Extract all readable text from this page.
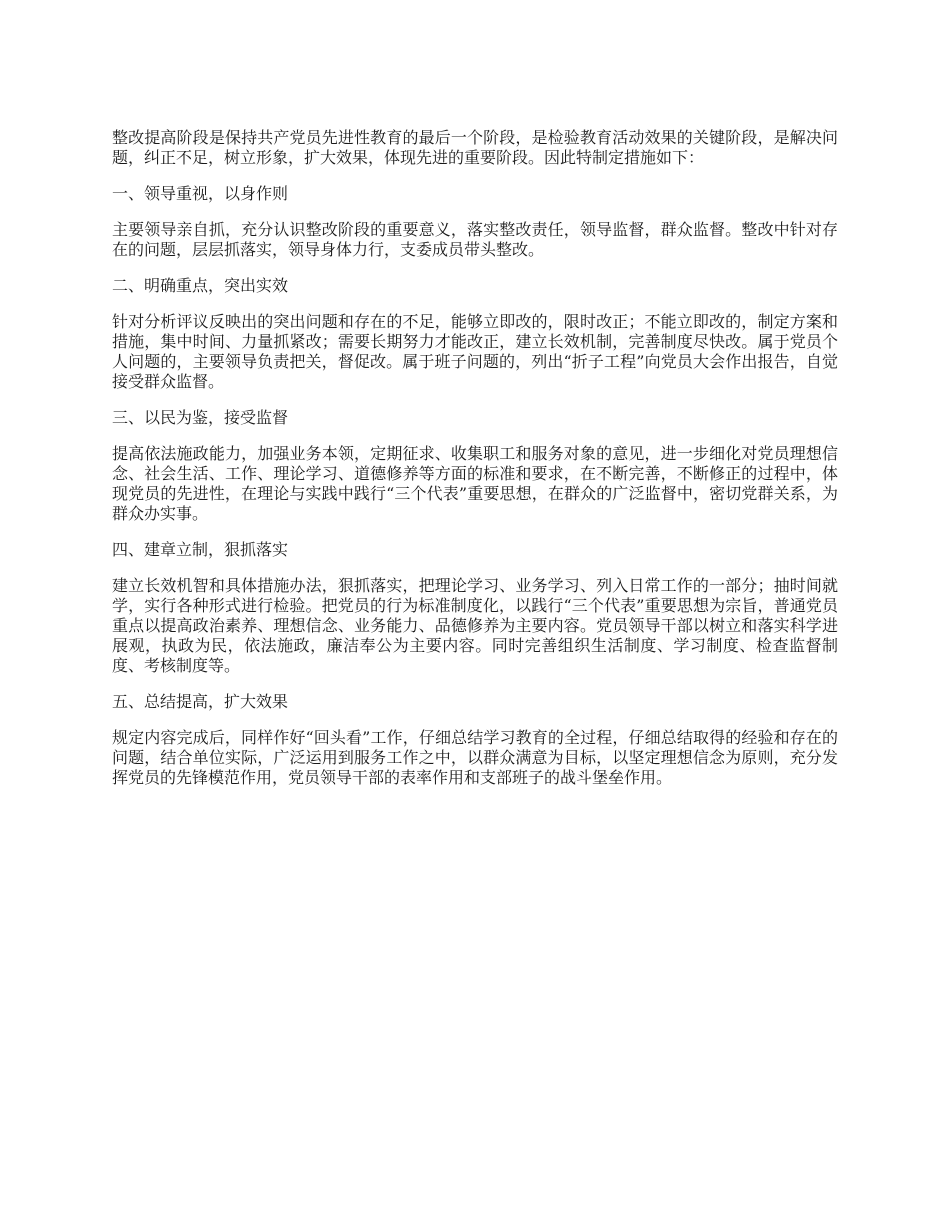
整改提高阶段是保持共产党员先进性教育的最后一个阶段，是检验教育活动效果的关键阶段，是解决问题，纠正不足，树立形象，扩大效果，体现先进的重要阶段。因此特制定措施如下：

一、领导重视，以身作则

主要领导亲自抓，充分认识整改阶段的重要意义，落实整改责任，领导监督，群众监督。整改中针对存在的问题，层层抓落实，领导身体力行，支委成员带头整改。

二、明确重点，突出实效

针对分析评议反映出的突出问题和存在的不足，能够立即改的，限时改正；不能立即改的，制定方案和措施，集中时间、力量抓紧改；需要长期努力才能改正，建立长效机制，完善制度尽快改。属于党员个人问题的，主要领导负责把关，督促改。属于班子问题的，列出“折子工程”向党员大会作出报告，自觉接受群众监督。

三、以民为鉴，接受监督

提高依法施政能力，加强业务本领，定期征求、收集职工和服务对象的意见，进一步细化对党员理想信念、社会生活、工作、理论学习、道德修养等方面的标准和要求，在不断完善，不断修正的过程中，体现党员的先进性，在理论与实践中践行“三个代表”重要思想，在群众的广泛监督中，密切党群关系，为群众办实事。

四、建章立制，狠抓落实

建立长效机智和具体措施办法，狠抓落实，把理论学习、业务学习、列入日常工作的一部分；抽时间就学，实行各种形式进行检验。把党员的行为标准制度化，以践行“三个代表”重要思想为宗旨，普通党员重点以提高政治素养、理想信念、业务能力、品德修养为主要内容。党员领导干部以树立和落实科学进展观，执政为民，依法施政，廉洁奉公为主要内容。同时完善组织生活制度、学习制度、检查监督制度、考核制度等。

五、总结提高，扩大效果

规定内容完成后，同样作好“回头看”工作，仔细总结学习教育的全过程，仔细总结取得的经验和存在的问题，结合单位实际，广泛运用到服务工作之中，以群众满意为目标，以坚定理想信念为原则，充分发挥党员的先锋模范作用，党员领导干部的表率作用和支部班子的战斗堡垒作用。
